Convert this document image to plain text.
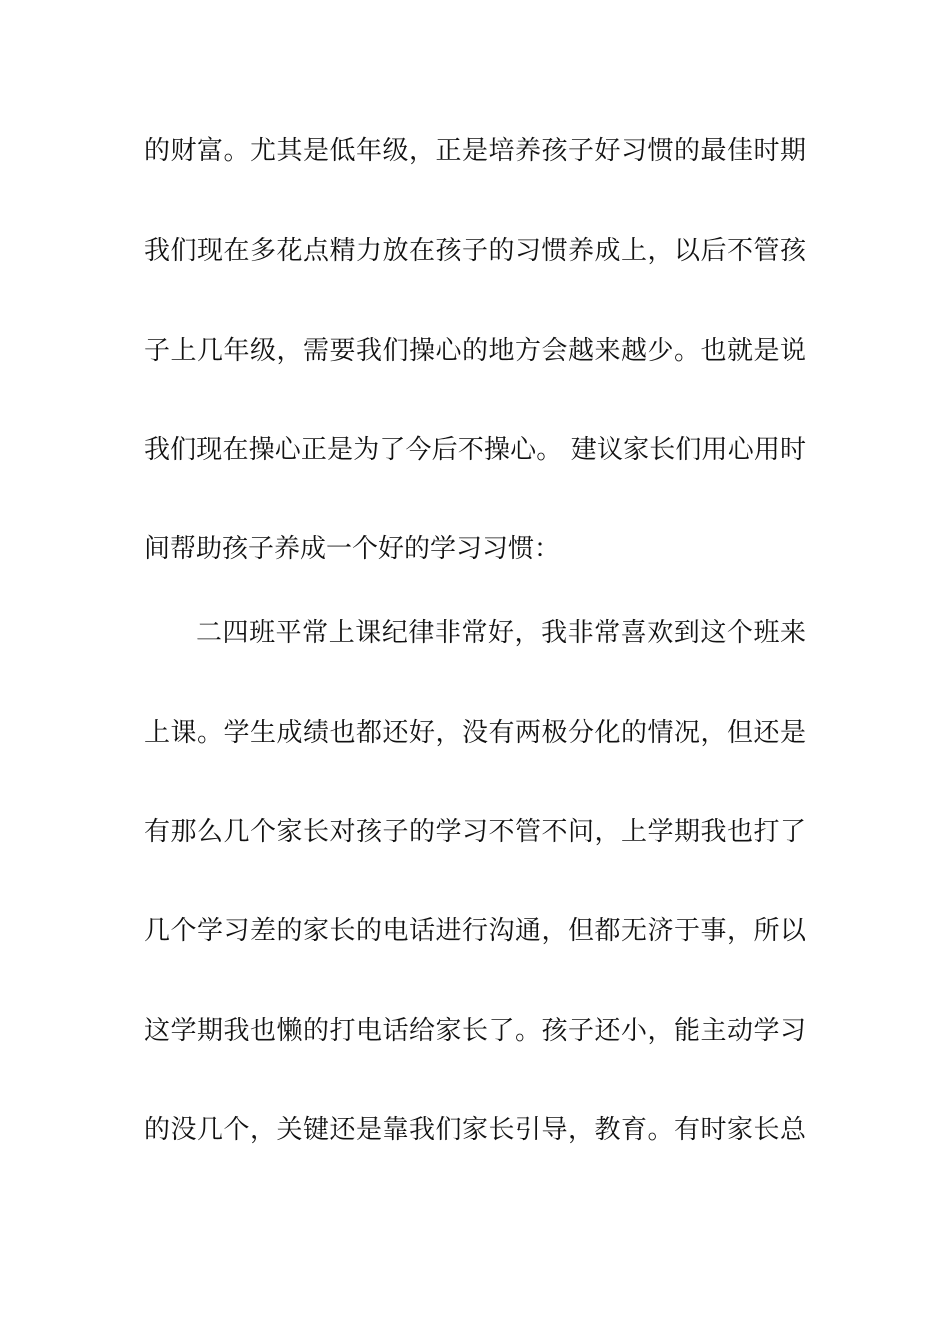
的财富。尤其是低年级，正是培养孩子好习惯的最佳时期
我们现在多花点精力放在孩子的习惯养成上，以后不管孩
子上几年级，需要我们操心的地方会越来越少。也就是说
我们现在操心正是为了今后不操心。 建议家长们用心用时
间帮助孩子养成一个好的学习习惯：
二四班平常上课纪律非常好，我非常喜欢到这个班来
上课。学生成绩也都还好，没有两极分化的情况，但还是
有那么几个家长对孩子的学习不管不问，上学期我也打了
几个学习差的家长的电话进行沟通，但都无济于事，所以
这学期我也懒的打电话给家长了。孩子还小，能主动学习
的没几个，关键还是靠我们家长引导，教育。有时家长总
